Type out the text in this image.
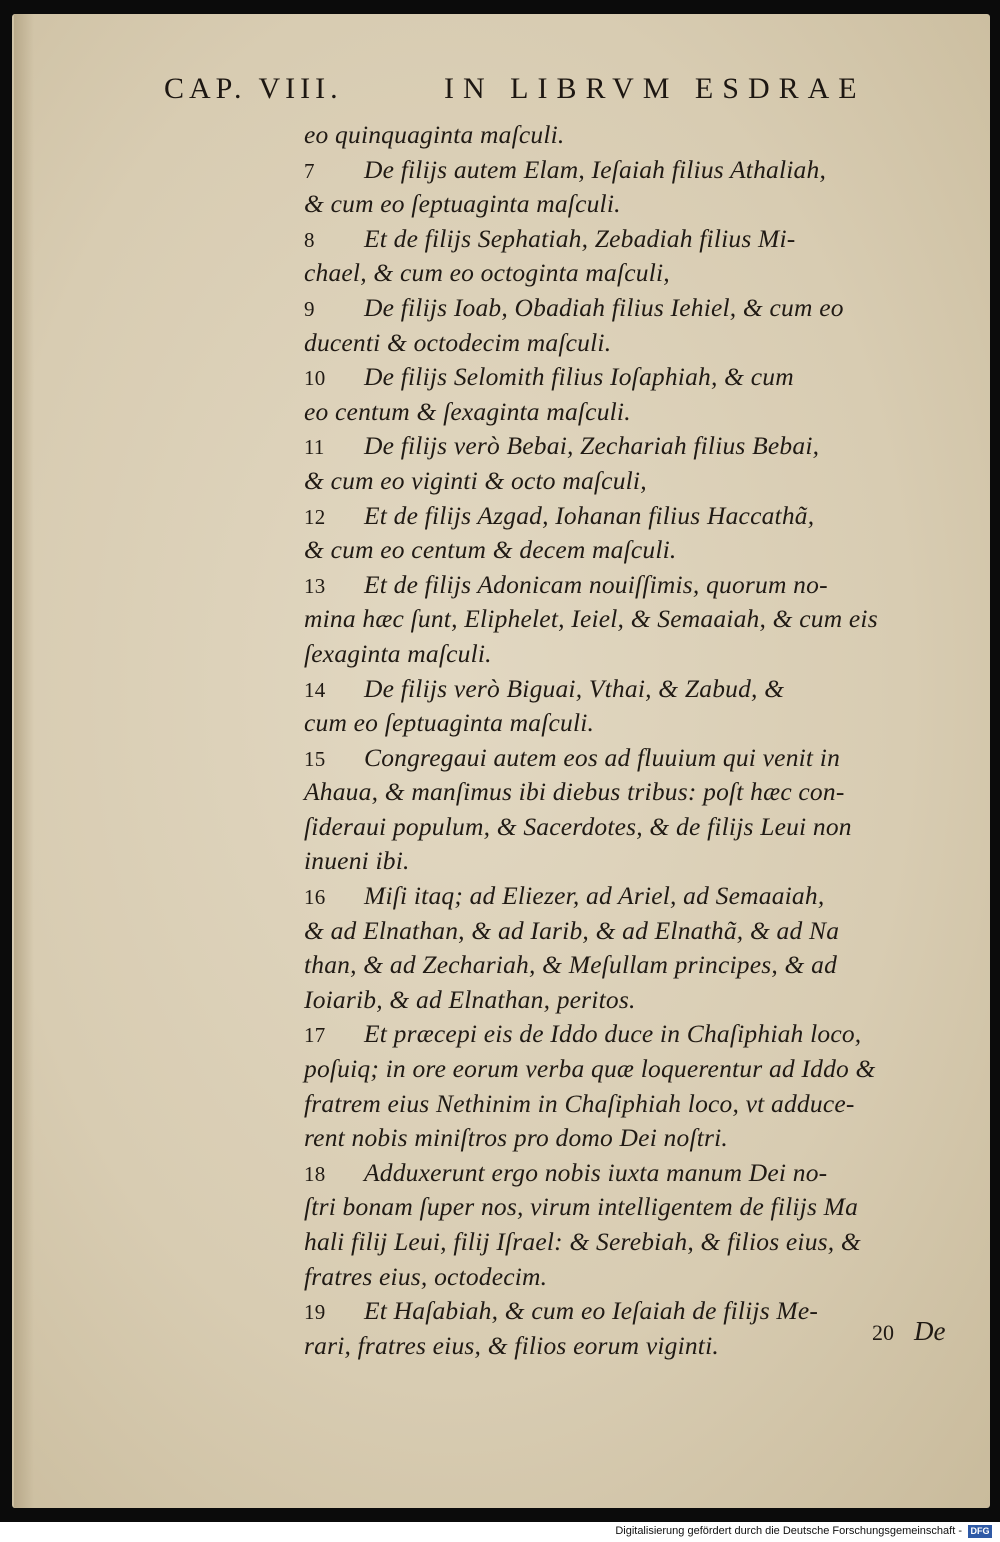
CAP. VIII.	IN LIBRVM ESDRAE
eo quinquaginta maſculi.
7 De filijs autem Elam, Ieſaiah filius Athaliah,
& cum eo ſeptuaginta maſculi.
8 Et de filijs Sephatiah, Zebadiah filius Mi-
chael, & cum eo octoginta maſculi,
9 De filijs Ioab, Obadiah filius Iehiel, & cum eo
ducenti & octodecim maſculi.
10 De filijs Selomith filius Ioſaphiah, & cum
eo centum & ſexaginta maſculi.
11 De filijs verò Bebai, Zechariah filius Bebai,
& cum eo viginti & octo maſculi,
12 Et de filijs Azgad, Iohanan filius Haccathã,
& cum eo centum & decem maſculi.
13 Et de filijs Adonicam nouiſſimis, quorum no-
mina hæc ſunt, Eliphelet, Ieiel, & Semaaiah, & cum eis
ſexaginta maſculi.
14 De filijs verò Biguai, Vthai, & Zabud, &
cum eo ſeptuaginta maſculi.
15 Congregaui autem eos ad fluuium qui venit in
Ahaua, & manſimus ibi diebus tribus: poſt hæc con-
ſideraui populum, & Sacerdotes, & de filijs Leui non
inueni ibi.
16 Miſi itaq; ad Eliezer, ad Ariel, ad Semaaiah,
& ad Elnathan, & ad Iarib, & ad Elnathã, & ad Na
than, & ad Zechariah, & Meſullam principes, & ad
Ioiarib, & ad Elnathan, peritos.
17 Et præcepi eis de Iddo duce in Chaſiphiah loco,
poſuiq; in ore eorum verba quæ loquerentur ad Iddo &
fratrem eius Nethinim in Chaſiphiah loco, vt adduce-
rent nobis miniſtros pro domo Dei noſtri.
18 Adduxerunt ergo nobis iuxta manum Dei no-
ſtri bonam ſuper nos, virum intelligentem de filijs Ma
hali filij Leui, filij Iſrael: & Serebiah, & filios eius, &
fratres eius, octodecim.
19 Et Haſabiah, & cum eo Ieſaiah de filijs Me-
rari, fratres eius, & filios eorum viginti.	20 De
Digitalisierung gefördert durch die Deutsche Forschungsgemeinschaft - DFG
